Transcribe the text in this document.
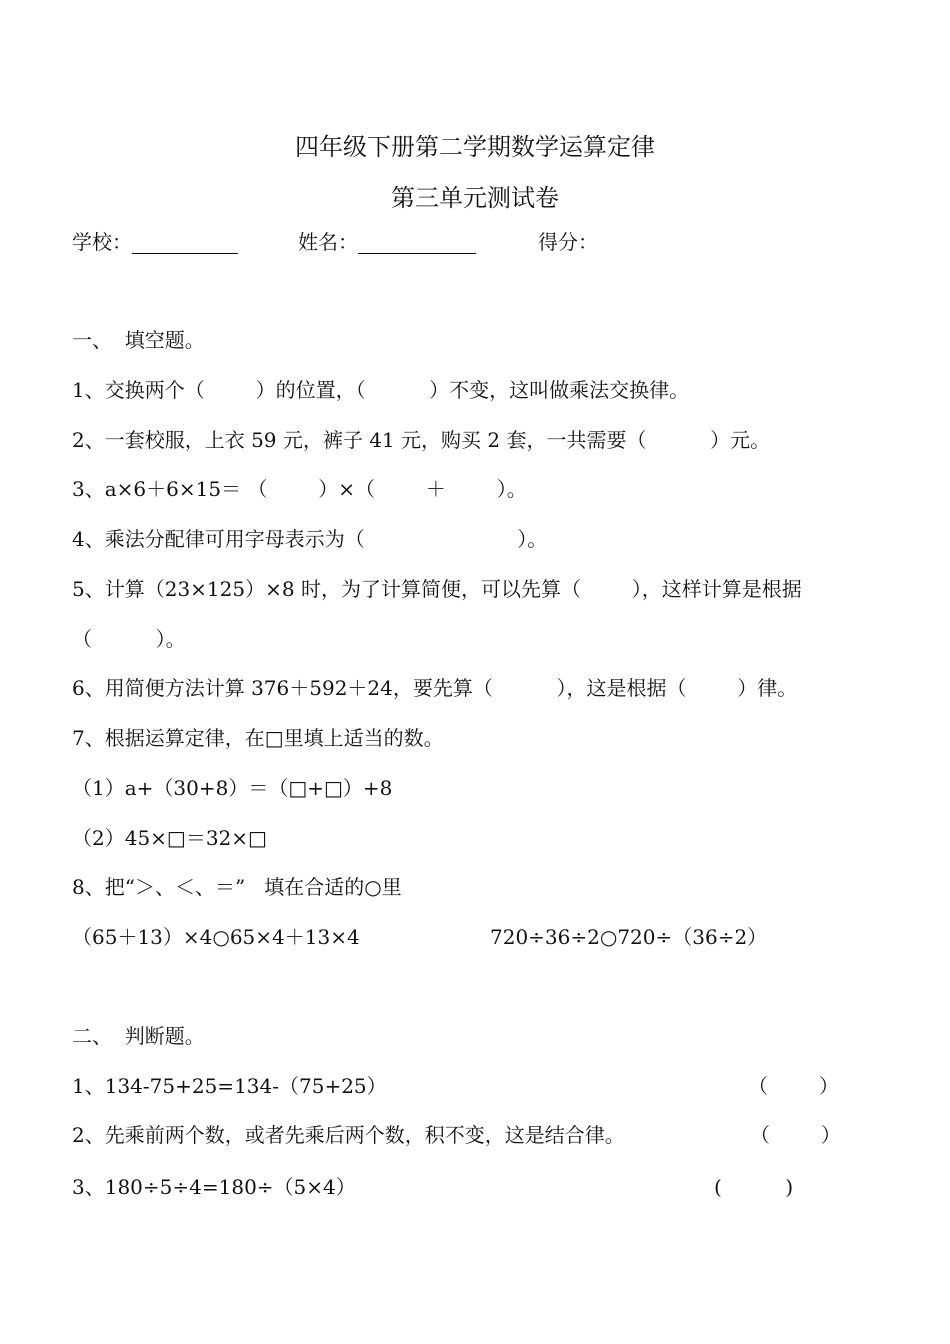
四年级下册第二学期数学运算定律
第三单元测试卷
学校：	姓名：	得分：
一、  填空题。
1、交换两个（        ）的位置，（          ）不变，这叫做乘法交换律。
2、一套校服，上衣 59 元，裤子 41 元，购买 2 套，一共需要（          ）元。
3、a×6＋6×15＝ （        ）×（        ＋        ）。
4、乘法分配律可用字母表示为（                        ）。
5、计算（23×125）×8 时，为了计算简便，可以先算（        ），这样计算是根据
（          ）。
6、用简便方法计算 376＋592＋24，要先算（          ），这是根据（        ）律。
7、根据运算定律，在□里填上适当的数。
（1）a+（30+8）＝（□+□）+8
（2）45×□＝32×□
8、把“＞、＜、＝”   填在合适的○里
（65＋13）×4○65×4＋13×4	720÷36÷2○720÷（36÷2）
二、  判断题。
1、134-75+25=134-（75+25）	（        ）
2、先乘前两个数，或者先乘后两个数，积不变，这是结合律。	（        ）
3、180÷5÷4=180÷（5×4）	(          )
